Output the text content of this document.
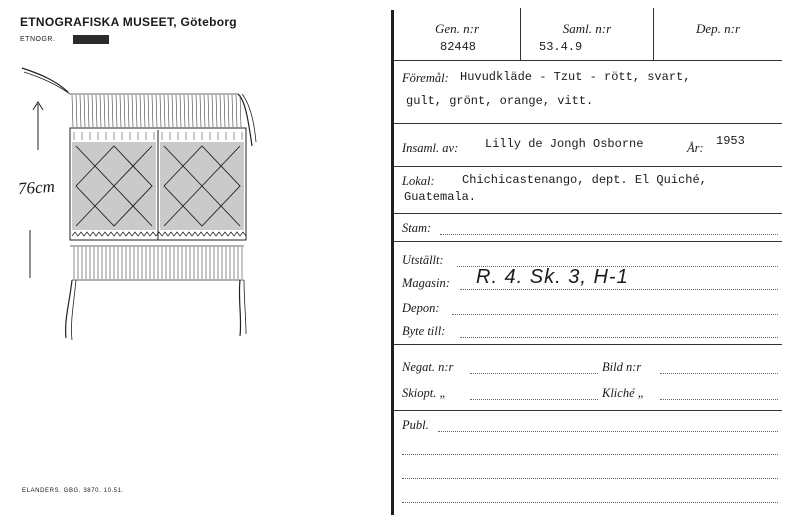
ETNOGRAFISKA MUSEET, Göteborg
ETNOGR.
76cm
ELANDERS. GBG. 3870. 10.51.
Gen. n:r
82448
Saml. n:r
53.4.9
Dep. n:r
Föremål: Huvudkläde - Tzut - rött, svart,
gult, grönt, orange, vitt.
Insaml. av: Lilly de Jongh Osborne	År: 1953
Lokal: Chichicastenango, dept. El Quiché,
Guatemala.
Stam:
Utställt:
Magasin: R. 4. Sk. 3, H-1
Depon:
Byte till:
Negat. n:r	Bild n:r
Skiopt. „	Kliché „
Publ.
